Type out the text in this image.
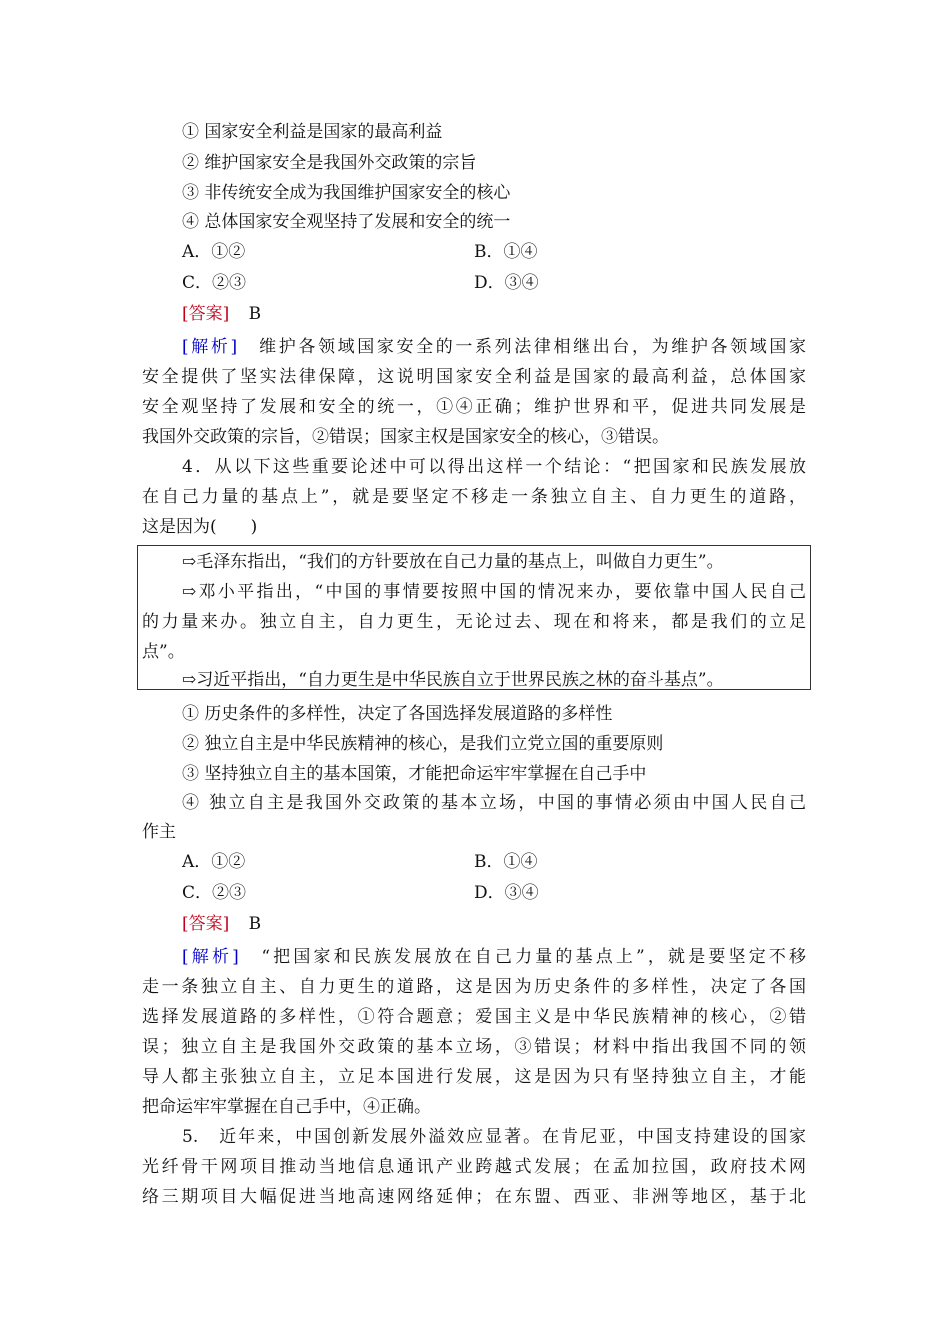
① 国家安全利益是国家的最高利益
② 维护国家安全是我国外交政策的宗旨
③ 非传统安全成为我国维护国家安全的核心
④ 总体国家安全观坚持了发展和安全的统一
A．①②	B．①④
C．②③	D．③④
[答案] B
[解析] 维护各领域国家安全的一系列法律相继出台，为维护各领域国家
安全提供了坚实法律保障，这说明国家安全利益是国家的最高利益，总体国家
安全观坚持了发展和安全的统一，①④正确；维护世界和平，促进共同发展是
我国外交政策的宗旨，②错误；国家主权是国家安全的核心，③错误。
4．从以下这些重要论述中可以得出这样一个结论：“把国家和民族发展放
在自己力量的基点上”，就是要坚定不移走一条独立自主、自力更生的道路，
这是因为(　　)
⇨毛泽东指出，“我们的方针要放在自己力量的基点上，叫做自力更生”。
⇨邓小平指出，“中国的事情要按照中国的情况来办，要依靠中国人民自己
的力量来办。独立自主，自力更生，无论过去、现在和将来，都是我们的立足
点”。
⇨习近平指出，“自力更生是中华民族自立于世界民族之林的奋斗基点”。
① 历史条件的多样性，决定了各国选择发展道路的多样性
② 独立自主是中华民族精神的核心，是我们立党立国的重要原则
③ 坚持独立自主的基本国策，才能把命运牢牢掌握在自己手中
④ 独立自主是我国外交政策的基本立场，中国的事情必须由中国人民自己
作主
A．①②	B．①④
C．②③	D．③④
[答案] B
[解析] “把国家和民族发展放在自己力量的基点上”，就是要坚定不移
走一条独立自主、自力更生的道路，这是因为历史条件的多样性，决定了各国
选择发展道路的多样性，①符合题意；爱国主义是中华民族精神的核心，②错
误；独立自主是我国外交政策的基本立场，③错误；材料中指出我国不同的领
导人都主张独立自主，立足本国进行发展，这是因为只有坚持独立自主，才能
把命运牢牢掌握在自己手中，④正确。
5.　近年来，中国创新发展外溢效应显著。在肯尼亚，中国支持建设的国家
光纤骨干网项目推动当地信息通讯产业跨越式发展；在孟加拉国，政府技术网
络三期项目大幅促进当地高速网络延伸；在东盟、西亚、非洲等地区，基于北
